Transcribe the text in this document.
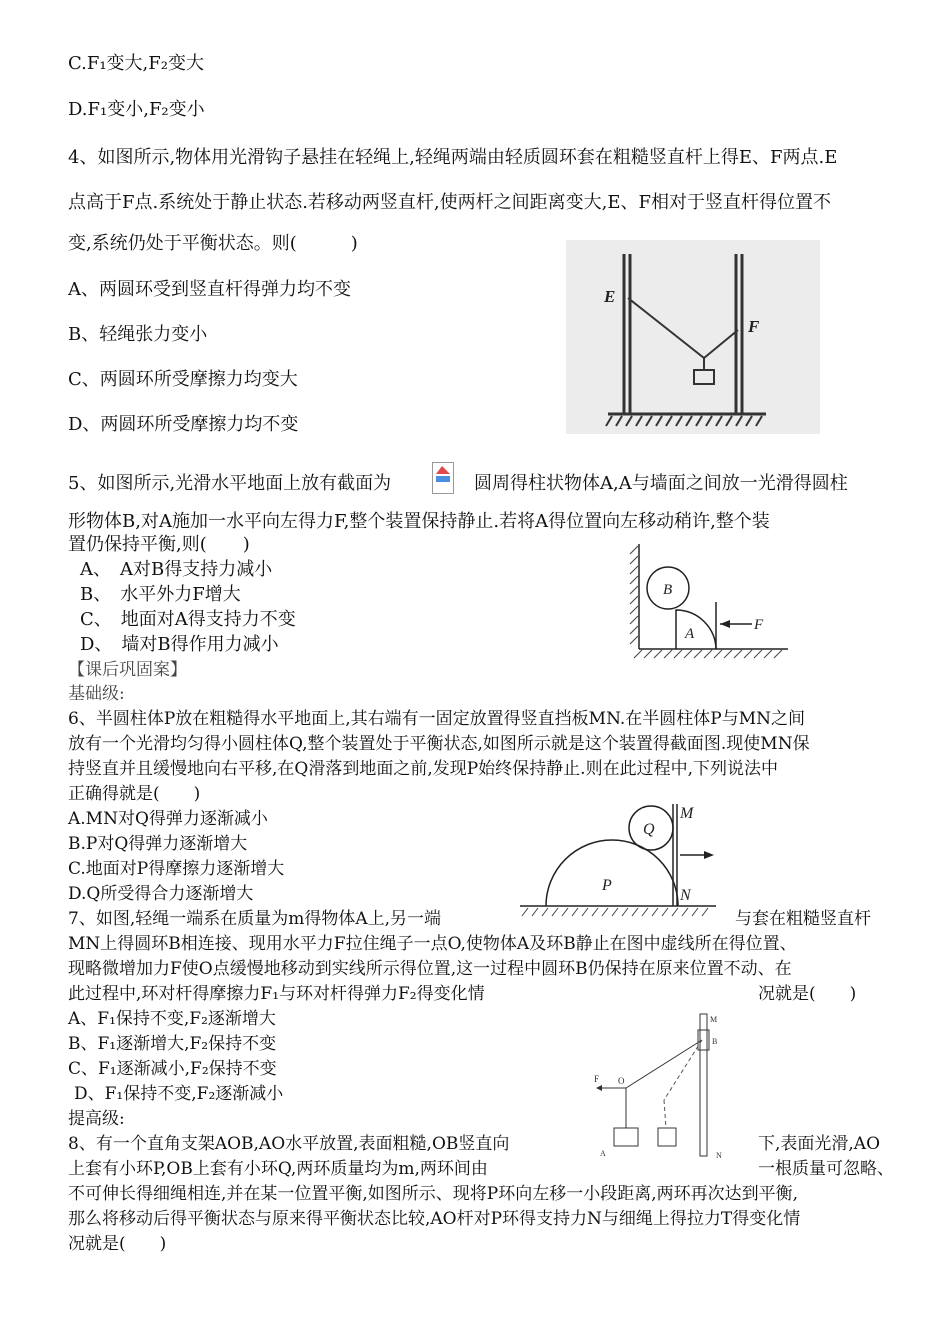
C.F₁变大,F₂变大
D.F₁变小,F₂变小
4、如图所示,物体用光滑钩子悬挂在轻绳上,轻绳两端由轻质圆环套在粗糙竖直杆上得E、F两点.E
点高于F点.系统处于静止状态.若移动两竖直杆,使两杆之间距离变大,E、F相对于竖直杆得位置不
变,系统仍处于平衡状态。则(　　　)
A、两圆环受到竖直杆得弹力均不变
B、轻绳张力变小
C、两圆环所受摩擦力均变大
D、两圆环所受摩擦力均不变
E
F
5、如图所示,光滑水平地面上放有截面为	圆周得柱状物体A,A与墙面之间放一光滑得圆柱
形物体B,对A施加一水平向左得力F,整个装置保持静止.若将A得位置向左移动稍许,整个装
置仍保持平衡,则(　　)
A、　A对B得支持力减小
B、　水平外力F增大
C、　地面对A得支持力不变
D、　墙对B得作用力减小
B
A
F
【课后巩固案】
基础级:
6、半圆柱体P放在粗糙得水平地面上,其右端有一固定放置得竖直挡板MN.在半圆柱体P与MN之间
放有一个光滑均匀得小圆柱体Q,整个装置处于平衡状态,如图所示就是这个装置得截面图.现使MN保
持竖直并且缓慢地向右平移,在Q滑落到地面之前,发现P始终保持静止.则在此过程中,下列说法中
正确得就是(　　)
A.MN对Q得弹力逐渐减小
B.P对Q得弹力逐渐增大
C.地面对P得摩擦力逐渐增大
D.Q所受得合力逐渐增大
M
N
Q
P
7、如图,轻绳一端系在质量为m得物体A上,另一端	与套在粗糙竖直杆
MN上得圆环B相连接、现用水平力F拉住绳子一点O,使物体A及环B静止在图中虚线所在得位置、
现略微增加力F使O点缓慢地移动到实线所示得位置,这一过程中圆环B仍保持在原来位置不动、在
此过程中,环对杆得摩擦力F₁与环对杆得弹力F₂得变化情	况就是(　　)
A、F₁保持不变,F₂逐渐增大
B、F₁逐渐增大,F₂保持不变
C、F₁逐渐减小,F₂保持不变
D、F₁保持不变,F₂逐渐减小
提高级:
M
B
F O
A	N
8、有一个直角支架AOB,AO水平放置,表面粗糙,OB竖直向	下,表面光滑,AO
上套有小环P,OB上套有小环Q,两环质量均为m,两环间由	一根质量可忽略、
不可伸长得细绳相连,并在某一位置平衡,如图所示、现将P环向左移一小段距离,两环再次达到平衡,
那么将移动后得平衡状态与原来得平衡状态比较,AO杆对P环得支持力N与细绳上得拉力T得变化情
况就是(　　)
